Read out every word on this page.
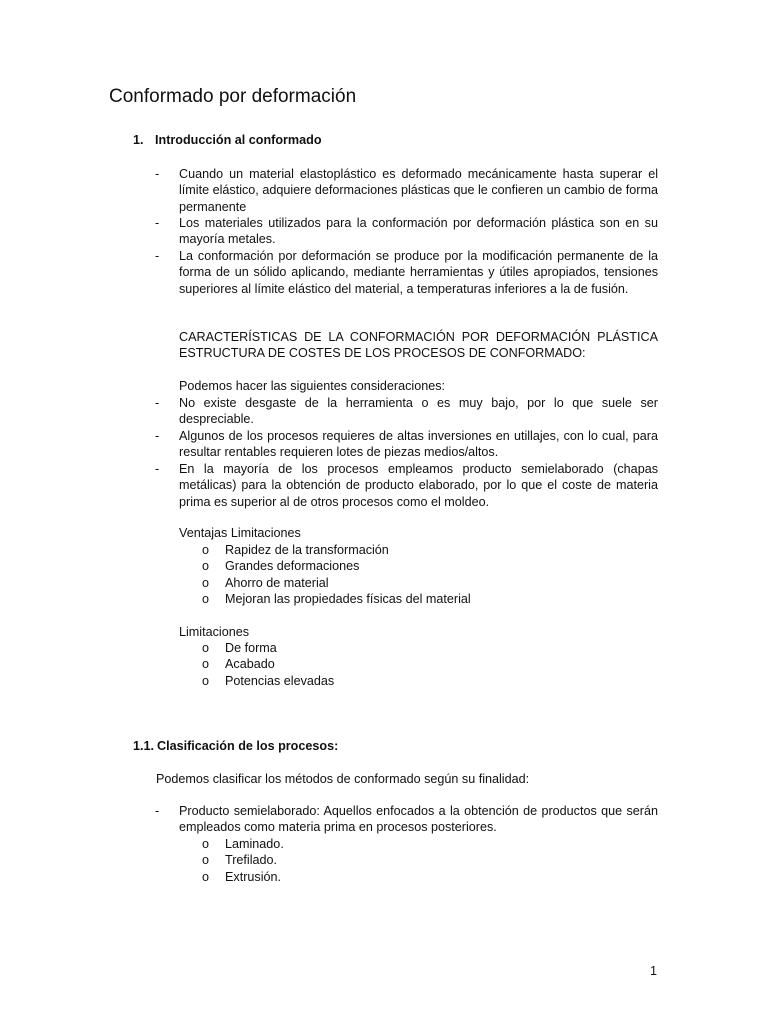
Conformado por deformación
1. Introducción al conformado
- Cuando un material elastoplástico es deformado mecánicamente hasta superar el límite elástico, adquiere deformaciones plásticas que le confieren un cambio de forma permanente
- Los materiales utilizados para la conformación por deformación plástica son en su mayoría metales.
- La conformación por deformación se produce por la modificación permanente de la forma de un sólido aplicando, mediante herramientas y útiles apropiados, tensiones superiores al límite elástico del material, a temperaturas inferiores a la de fusión.
CARACTERÍSTICAS DE LA CONFORMACIÓN POR DEFORMACIÓN PLÁSTICA
ESTRUCTURA DE COSTES DE LOS PROCESOS DE CONFORMADO:
Podemos hacer las siguientes consideraciones:
- No existe desgaste de la herramienta o es muy bajo, por lo que suele ser despreciable.
- Algunos de los procesos requieres de altas inversiones en utillajes, con lo cual, para resultar rentables requieren lotes de piezas medios/altos.
- En la mayoría de los procesos empleamos producto semielaborado (chapas metálicas) para la obtención de producto elaborado, por lo que el coste de materia prima es superior al de otros procesos como el moldeo.
Ventajas Limitaciones
o Rapidez de la transformación
o Grandes deformaciones
o Ahorro de material
o Mejoran las propiedades físicas del material
Limitaciones
o De forma
o Acabado
o Potencias elevadas
1.1. Clasificación de los procesos:
Podemos clasificar los métodos de conformado según su finalidad:
- Producto semielaborado: Aquellos enfocados a la obtención de productos que serán empleados como materia prima en procesos posteriores.
o Laminado.
o Trefilado.
o Extrusión.
1
